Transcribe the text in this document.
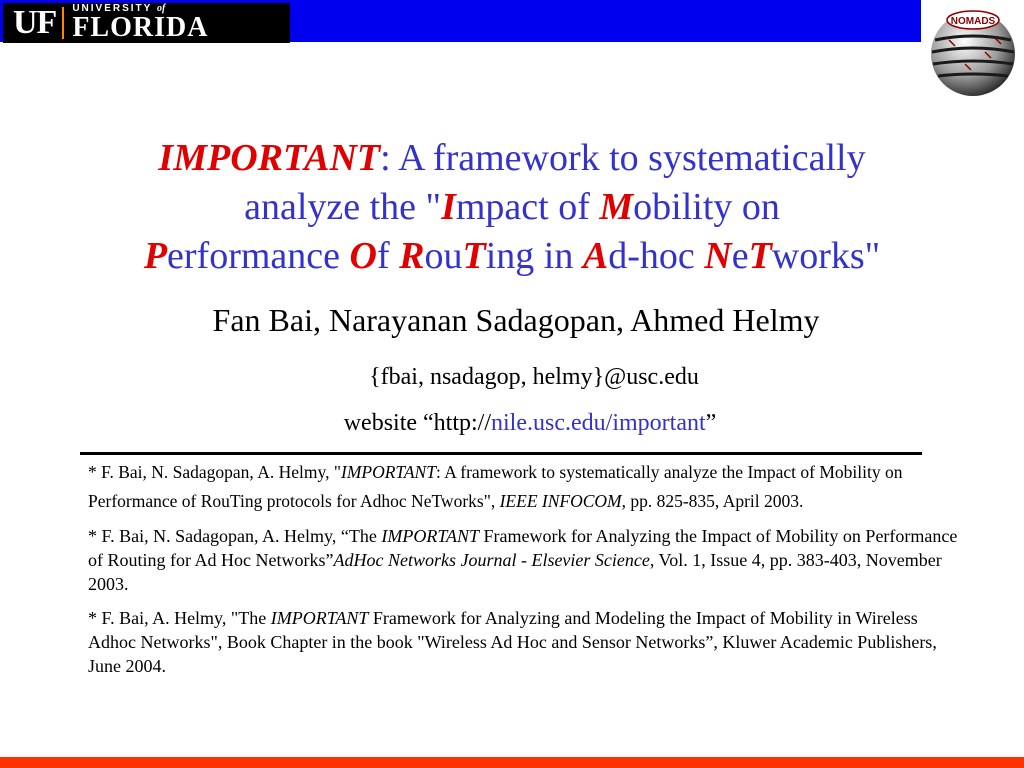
UF UNIVERSITY of
FLORIDA	NOMADS
IMPORTANT: A framework to systematically
analyze the "Impact of Mobility on
Performance Of RouTing in Ad-hoc NeTworks"
Fan Bai, Narayanan Sadagopan, Ahmed Helmy
{fbai, nsadagop, helmy}@usc.edu
website “http://nile.usc.edu/important”

* F. Bai, N. Sadagopan, A. Helmy, "IMPORTANT: A framework to systematically analyze the Impact of Mobility on Performance of RouTing protocols for Adhoc NeTworks", IEEE INFOCOM, pp. 825-835, April 2003.

* F. Bai, N. Sadagopan, A. Helmy, “The IMPORTANT Framework for Analyzing the Impact of Mobility on Performance of Routing for Ad Hoc Networks”AdHoc Networks Journal - Elsevier Science, Vol. 1, Issue 4, pp. 383-403, November 2003.

* F. Bai, A. Helmy, "The IMPORTANT Framework for Analyzing and Modeling the Impact of Mobility in Wireless Adhoc Networks", Book Chapter in the book "Wireless Ad Hoc and Sensor Networks”, Kluwer Academic Publishers, June 2004.
